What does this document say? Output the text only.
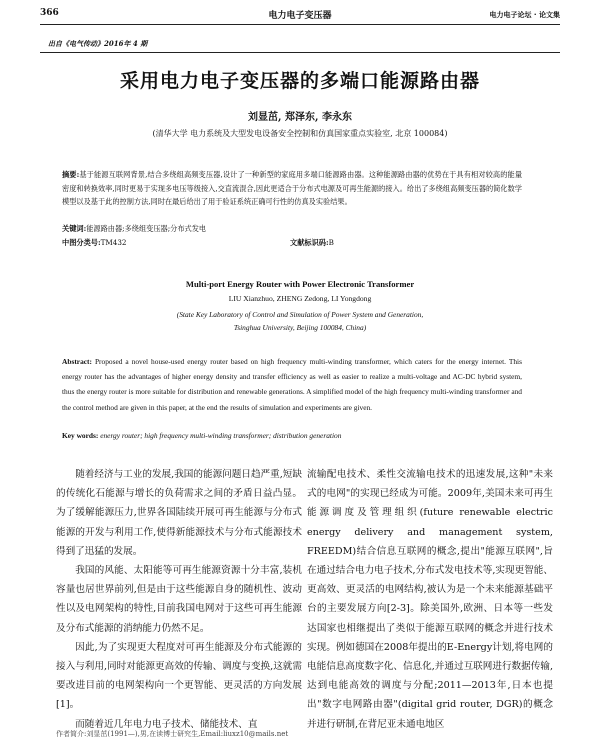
366	电力电子变压器	电力电子论坛 · 论文集
出自《电气传动》2016年 4 期
采用电力电子变压器的多端口能源路由器
刘显茁, 郑泽东, 李永东
(清华大学 电力系统及大型发电设备安全控制和仿真国家重点实验室, 北京 100084)
摘要:基于能源互联网背景,结合多绕组高频变压器,设计了一种新型的家庭用多端口能源路由器。这种能源路由器的优势在于具有相对较高的能量密度和转换效率,同时更易于实现多电压等级接入,交直流混合,因此更适合于分布式电源及可再生能源的接入。给出了多绕组高频变压器的简化数学模型以及基于此的控制方法,同时在最后给出了用于验证系统正确可行性的仿真及实验结果。
关键词:能源路由器;多绕组变压器;分布式发电
中图分类号:TM432	文献标识码:B
Multi-port Energy Router with Power Electronic Transformer
LIU Xianzhuo, ZHENG Zedong, LI Yongdong
(State Key Laboratory of Control and Simulation of Power System and Generation,
Tsinghua University, Beijing 100084, China)
Abstract: Proposed a novel house-used energy router based on high frequency multi-winding transformer, which caters for the energy internet. This energy router has the advantages of higher energy density and transfer efficiency as well as easier to realize a multi-voltage and AC-DC hybrid system, thus the energy router is more suitable for distribution and renewable generations. A simplified model of the high frequency multi-winding transformer and the control method are given in this paper, at the end the results of simulation and experiments are given.
Key words: energy router; high frequency multi-winding transformer; distribution generation

随着经济与工业的发展,我国的能源问题日趋严重,短缺的传统化石能源与增长的负荷需求之间的矛盾日益凸显。为了缓解能源压力,世界各国陆续开展可再生能源与分布式能源的开发与利用工作,使得新能源技术与分布式能源技术得到了迅猛的发展。

我国的风能、太阳能等可再生能源资源十分丰富,装机容量也居世界前列,但是由于这些能源自身的随机性、波动性以及电网架构的特性,目前我国电网对于这些可再生能源及分布式能源的消纳能力仍然不足。

因此,为了实现更大程度对可再生能源及分布式能源的接入与利用,同时对能源更高效的传输、调度与变换,这就需要改进目前的电网架构向一个更智能、更灵活的方向发展[1]。

而随着近几年电力电子技术、储能技术、直

流输配电技术、柔性交流输电技术的迅速发展,这种"未来式的电网"的实现已经成为可能。2009年,美国未来可再生能源调度及管理组织(future renewable electric energy delivery and management system, FREEDM)结合信息互联网的概念,提出"能源互联网",旨在通过结合电力电子技术,分布式发电技术等,实现更智能、更高效、更灵活的电网结构,被认为是一个未来能源基础平台的主要发展方向[2-3]。除美国外,欧洲、日本等一些发达国家也相继提出了类似于能源互联网的概念并进行技术实现。例如德国在2008年提出的E-Energy计划,将电网的电能信息高度数字化、信息化,并通过互联网进行数据传输,达到电能高效的调度与分配;2011—2013年,日本也提出"数字电网路由器"(digital grid router, DGR)的概念并进行研制,在背尼亚未通电地区

作者简介:刘显茁(1991—),男,在读博士研究生,Email:liuxz10@mails.net
